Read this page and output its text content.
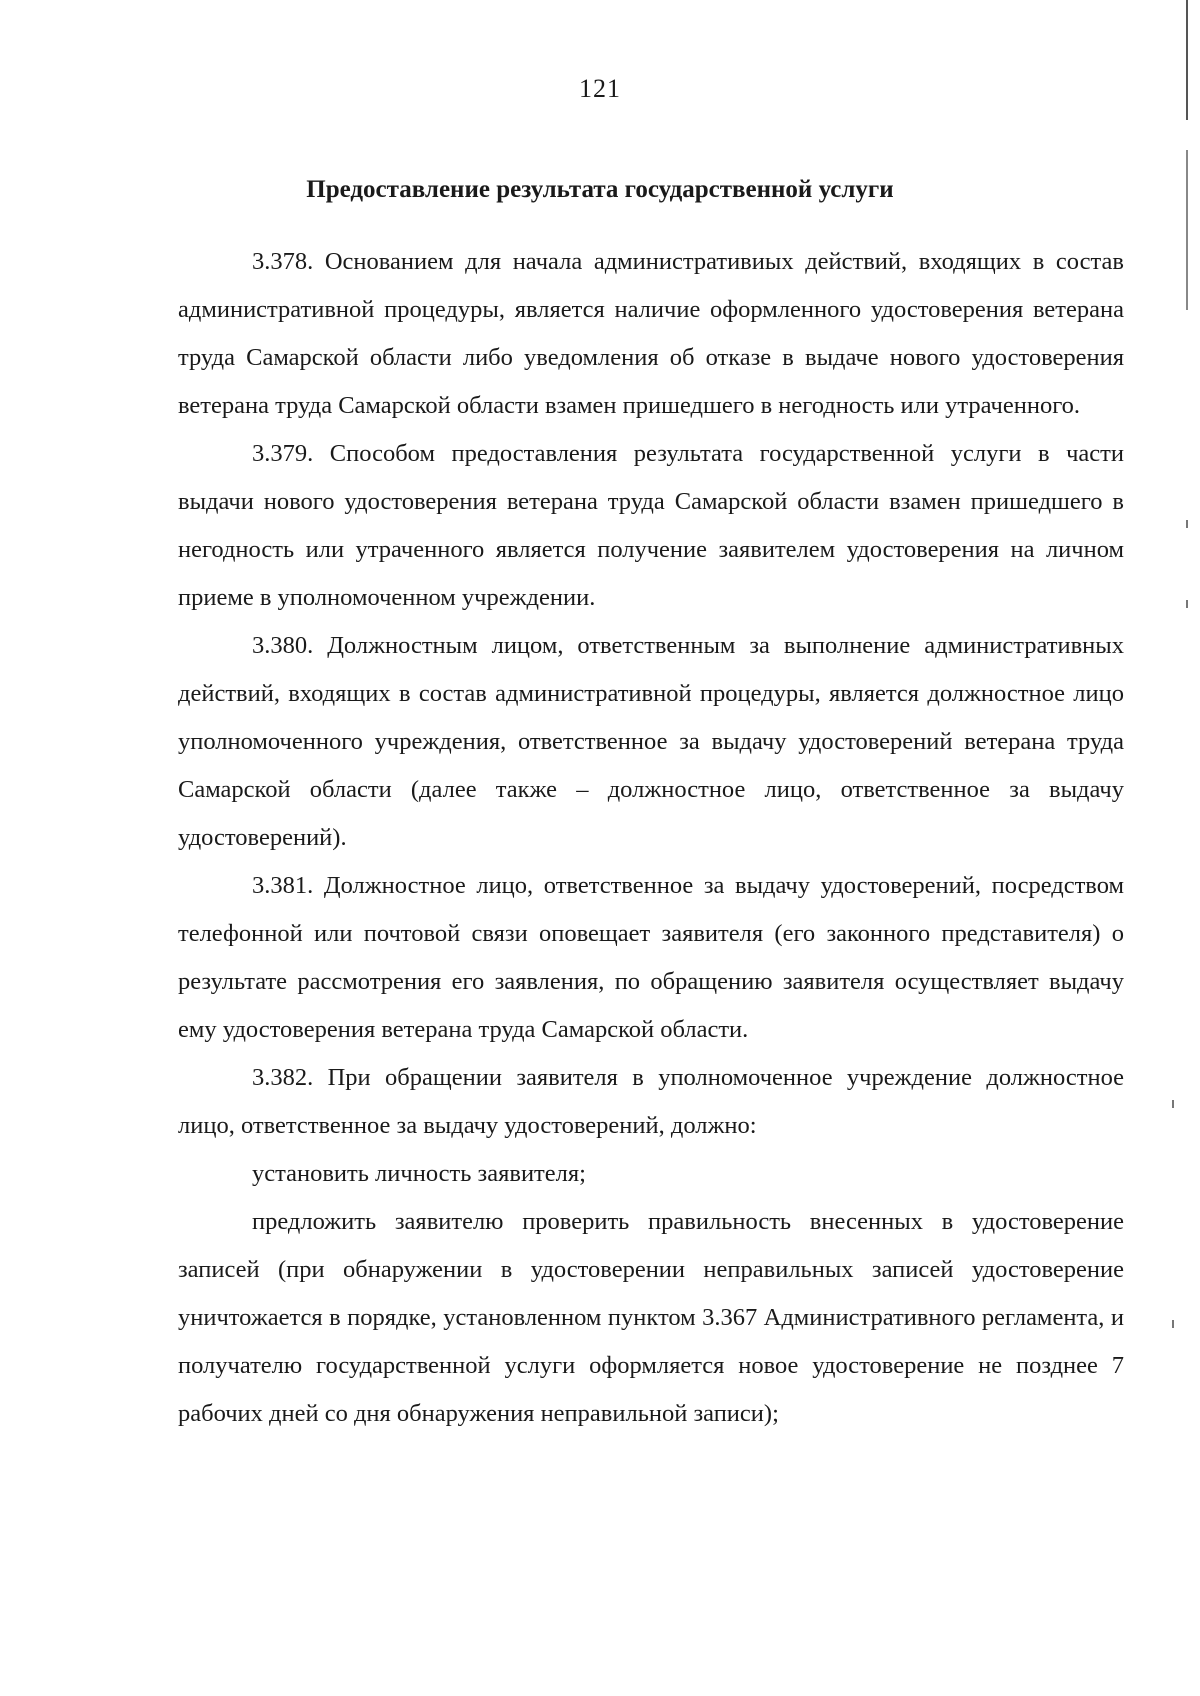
121
Предоставление результата государственной услуги

3.378. Основанием для начала административиых действий, входящих в состав административной процедуры, является наличие оформленного удостоверения ветерана труда Самарской области либо уведомления об отказе в выдаче нового удостоверения ветерана труда Самарской области взамен пришедшего в негодность или утраченного.

3.379. Способом предоставления результата государственной услуги в части выдачи нового удостоверения ветерана труда Самарской области взамен пришедшего в негодность или утраченного является получение заявителем удостоверения на личном приеме в уполномоченном учреждении.

3.380. Должностным лицом, ответственным за выполнение административных действий, входящих в состав административной процедуры, является должностное лицо уполномоченного учреждения, ответственное за выдачу удостоверений ветерана труда Самарской области (далее также – должностное лицо, ответственное за выдачу удостоверений).

3.381. Должностное лицо, ответственное за выдачу удостоверений, посредством телефонной или почтовой связи оповещает заявителя (его законного представителя) о результате рассмотрения его заявления, по обращению заявителя осуществляет выдачу ему удостоверения ветерана труда Самарской области.

3.382. При обращении заявителя в уполномоченное учреждение должностное лицо, ответственное за выдачу удостоверений, должно:

установить личность заявителя;

предложить заявителю проверить правильность внесенных в удостоверение записей (при обнаружении в удостоверении неправильных записей удостоверение уничтожается в порядке, установленном пунктом 3.367 Административного регламента, и получателю государственной услуги оформляется новое удостоверение не позднее 7 рабочих дней со дня обнаружения неправильной записи);
